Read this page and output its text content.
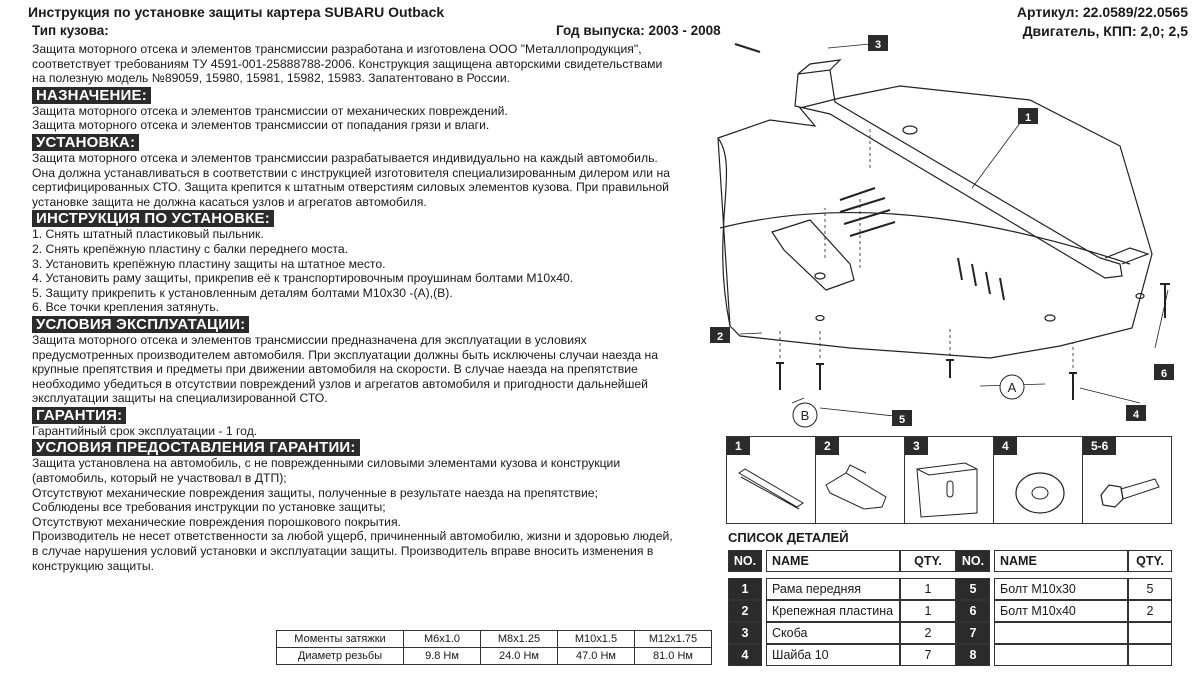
Инструкция по установке защиты картера SUBARU Outback
Тип кузова:	Год выпуска: 2003 - 2008
Артикул: 22.0589/22.0565
Двигатель, КПП: 2,0; 2,5
Защита моторного отсека и элементов трансмиссии разработана и изготовлена ООО "Металлопродукция",
соответствует требованиям ТУ 4591-001-25888788-2006. Конструкция защищена авторскими свидетельствами
на полезную модель №89059, 15980, 15981, 15982, 15983. Запатентовано в России.
НАЗНАЧЕНИЕ:
Защита моторного отсека и элементов трансмиссии от механических повреждений.
Защита моторного отсека и элементов трансмиссии от попадания грязи и влаги.
УСТАНОВКА:
Защита моторного отсека и элементов трансмиссии разрабатывается индивидуально на каждый автомобиль.
Она должна устанавливаться в соответствии с инструкцией изготовителя специализированным дилером или на
сертифицированных СТО. Защита крепится к штатным отверстиям силовых элементов кузова. При правильной
установке защита не должна касаться узлов и агрегатов автомобиля.
ИНСТРУКЦИЯ ПО УСТАНОВКЕ:
1. Снять штатный пластиковый пыльник.
2. Снять крепёжную пластину с балки переднего моста.
3. Установить крепёжную пластину защиты на штатное место.
4. Установить раму защиты, прикрепив её к транспортировочным проушинам болтами М10х40.
5. Защиту прикрепить к установленным деталям болтами М10х30 -(А),(В).
6. Все точки крепления затянуть.
УСЛОВИЯ ЭКСПЛУАТАЦИИ:
Защита моторного отсека и элементов трансмиссии предназначена для эксплуатации в условиях
предусмотренных производителем автомобиля. При эксплуатации должны быть исключены случаи наезда на
крупные препятствия и предметы при движении автомобиля на скорости. В случае наезда на препятствие
необходимо убедиться в отсутствии повреждений узлов и агрегатов автомобиля и пригодности дальнейшей
эксплуатации защиты на специализированной СТО.
ГАРАНТИЯ:
Гарантийный срок эксплуатации - 1 год.
УСЛОВИЯ ПРЕДОСТАВЛЕНИЯ ГАРАНТИИ:
Защита установлена на автомобиль, с не поврежденными силовыми элементами кузова и конструкции
(автомобиль, который не участвовал в ДТП);
Отсутствуют механические повреждения защиты, полученные в результате наезда на препятствие;
Соблюдены все требования инструкции по установке защиты;
Отсутствуют механические повреждения порошкового покрытия.
Производитель не несет ответственности за любой ущерб, причиненный автомобилю, жизни и здоровью людей,
в случае нарушения условий установки и эксплуатации защиты. Производитель вправе вносить изменения в
конструкцию защиты.
Моменты затяжки	М6х1.0	М8х1.25	М10х1.5	М12х1.75
Диаметр резьбы	9.8 Нм	24.0 Нм	47.0 Нм	81.0 Нм
1
2
3
4
5
6
A
B
1	2	3	4	5-6
СПИСОК ДЕТАЛЕЙ
NO.		NAME	QTY.

1		Рама передняя	1
2		Крепежная пластина	1
3		Скоба	2
4		Шайба 10	7
NO.		NAME	QTY.

5		Болт М10х30	5
6		Болт М10х40	2
7			
8			
